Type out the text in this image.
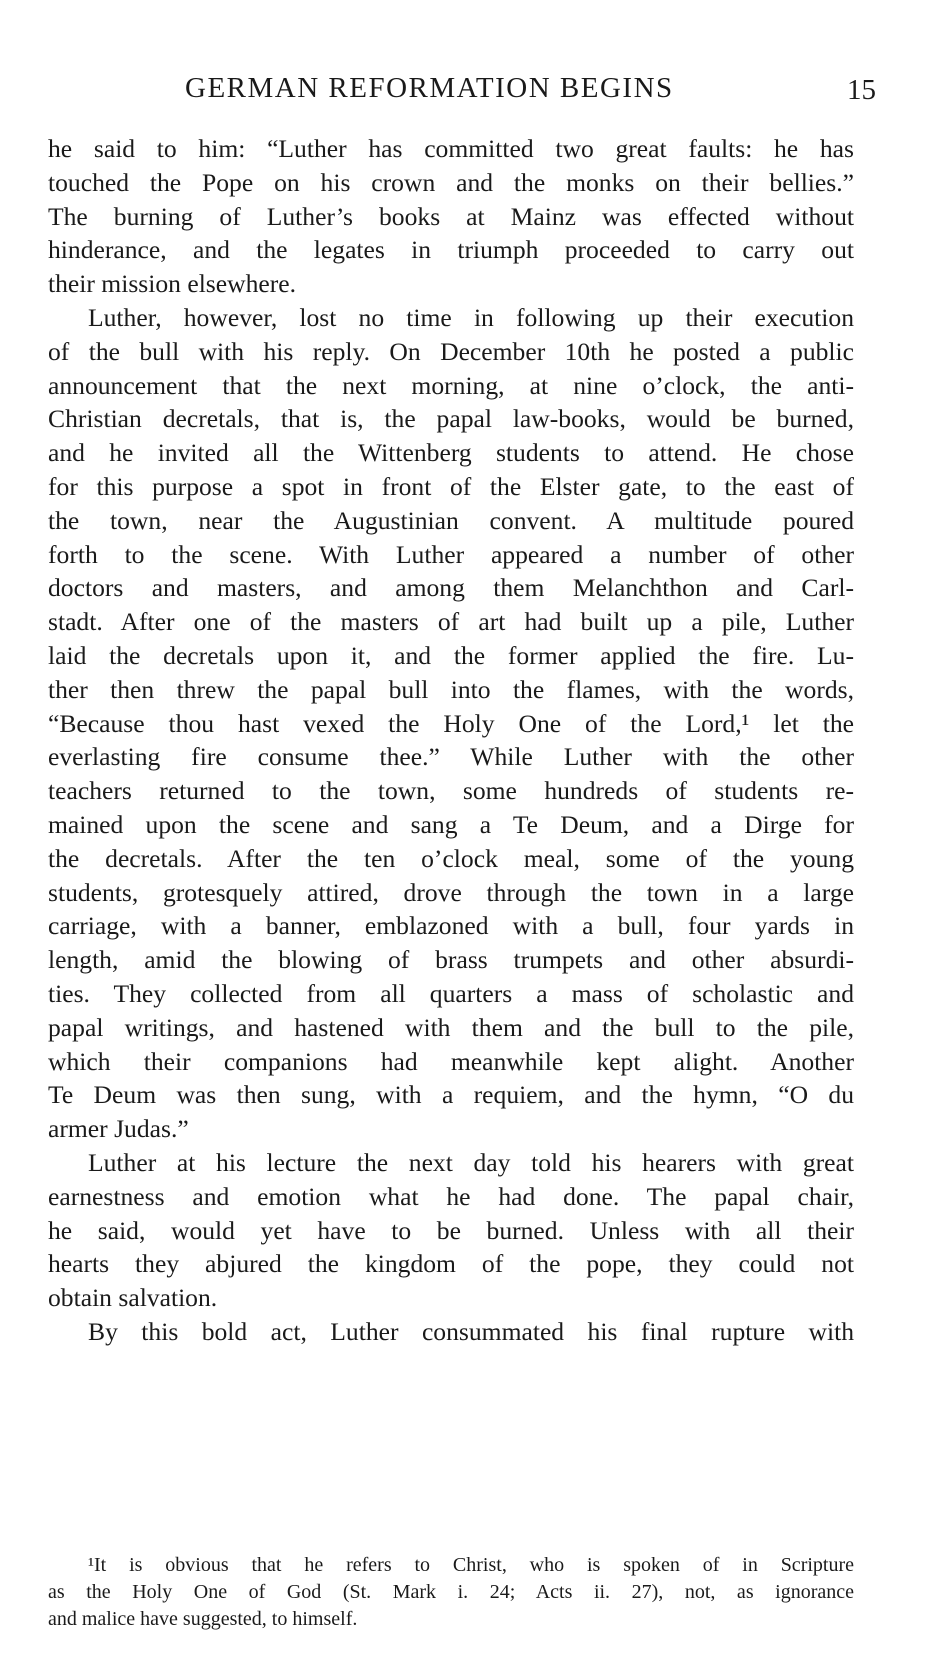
GERMAN REFORMATION BEGINS	15
he said to him: “Luther has committed two great faults: he has
touched the Pope on his crown and the monks on their bellies.”
The burning of Luther’s books at Mainz was effected without
hinderance, and the legates in triumph proceeded to carry out
their mission elsewhere.
Luther, however, lost no time in following up their execution
of the bull with his reply. On December 10th he posted a public
announcement that the next morning, at nine o’clock, the anti-
Christian decretals, that is, the papal law-books, would be burned,
and he invited all the Wittenberg students to attend. He chose
for this purpose a spot in front of the Elster gate, to the east of
the town, near the Augustinian convent. A multitude poured
forth to the scene. With Luther appeared a number of other
doctors and masters, and among them Melanchthon and Carl-
stadt. After one of the masters of art had built up a pile, Luther
laid the decretals upon it, and the former applied the fire. Lu-
ther then threw the papal bull into the flames, with the words,
“Because thou hast vexed the Holy One of the Lord,¹ let the
everlasting fire consume thee.” While Luther with the other
teachers returned to the town, some hundreds of students re-
mained upon the scene and sang a Te Deum, and a Dirge for
the decretals. After the ten o’clock meal, some of the young
students, grotesquely attired, drove through the town in a large
carriage, with a banner, emblazoned with a bull, four yards in
length, amid the blowing of brass trumpets and other absurdi-
ties. They collected from all quarters a mass of scholastic and
papal writings, and hastened with them and the bull to the pile,
which their companions had meanwhile kept alight. Another
Te Deum was then sung, with a requiem, and the hymn, “O du
armer Judas.”
Luther at his lecture the next day told his hearers with great
earnestness and emotion what he had done. The papal chair,
he said, would yet have to be burned. Unless with all their
hearts they abjured the kingdom of the pope, they could not
obtain salvation.
By this bold act, Luther consummated his final rupture with
¹It is obvious that he refers to Christ, who is spoken of in Scripture
as the Holy One of God (St. Mark i. 24; Acts ii. 27), not, as ignorance
and malice have suggested, to himself.
